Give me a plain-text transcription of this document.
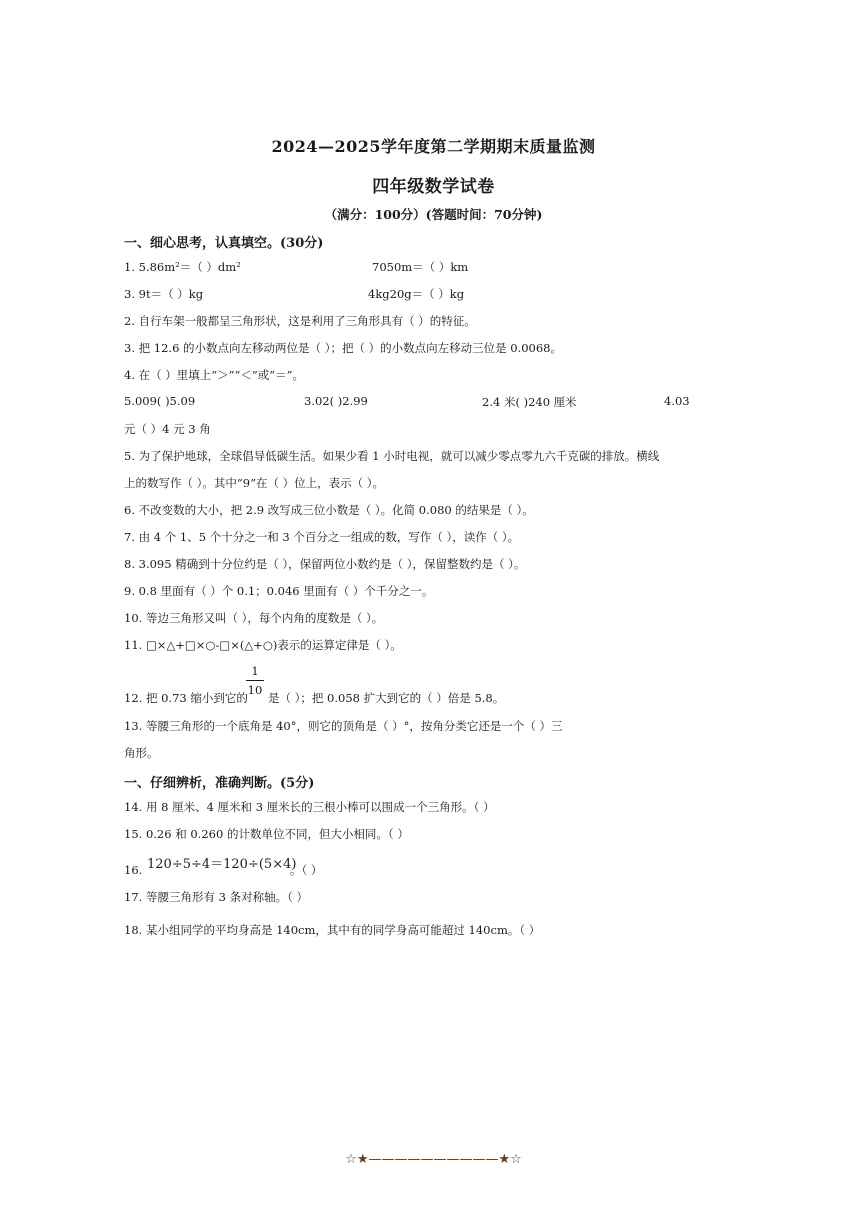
2024—2025学年度第二学期期末质量监测
四年级数学试卷
（满分：100分）(答题时间：70分钟)
一、细心思考，认真填空。(30分)
1. 5.86m²＝（ ）dm²	7050m＝（ ）km
3. 9t＝（ ）kg	4kg20g＝（ ）kg
2. 自行车架一般都呈三角形状，这是利用了三角形具有（ ）的特征。
3. 把 12.6 的小数点向左移动两位是（ ）；把（ ）的小数点向左移动三位是 0.0068。
4. 在（ ）里填上“＞”“＜”或“＝”。
5.009( )5.09	3.02( )2.99	2.4 米( )240 厘米	4.03
元（ ）4 元 3 角
5. 为了保护地球，全球倡导低碳生活。如果少看 1 小时电视，就可以减少零点零九六千克碳的排放。横线
上的数写作（ ）。其中“9”在（ ）位上，表示（ ）。
6. 不改变数的大小，把 2.9 改写成三位小数是（ ）。化简 0.080 的结果是（ ）。
7. 由 4 个 1、5 个十分之一和 3 个百分之一组成的数，写作（ ），读作（ ）。
8. 3.095 精确到十分位约是（ ），保留两位小数约是（ ），保留整数约是（ ）。
9. 0.8 里面有（ ）个 0.1；0.046 里面有（ ）个千分之一。
10. 等边三角形又叫（ ），每个内角的度数是（ ）。
11. □×△+□×○-□×(△+○)表示的运算定律是（ ）。
12. 把 0.73 缩小到它的
$\frac{1}{10}$
是（ ）；把 0.058 扩大到它的（ ）倍是 5.8。
13. 等腰三角形的一个底角是 40°，则它的顶角是（ ）°，按角分类它还是一个（ ）三
角形。
一、仔细辨析，准确判断。(5分)
14. 用 8 厘米、4 厘米和 3 厘米长的三根小棒可以围成一个三角形。（ ）
15. 0.26 和 0.260 的计数单位不同，但大小相同。（ ）
16. 120÷5÷4＝120÷(5×4)
。（ ）
17. 等腰三角形有 3 条对称轴。（ ）
18. 某小组同学的平均身高是 140cm，其中有的同学身高可能超过 140cm。（ ）
☆★——————————★☆
